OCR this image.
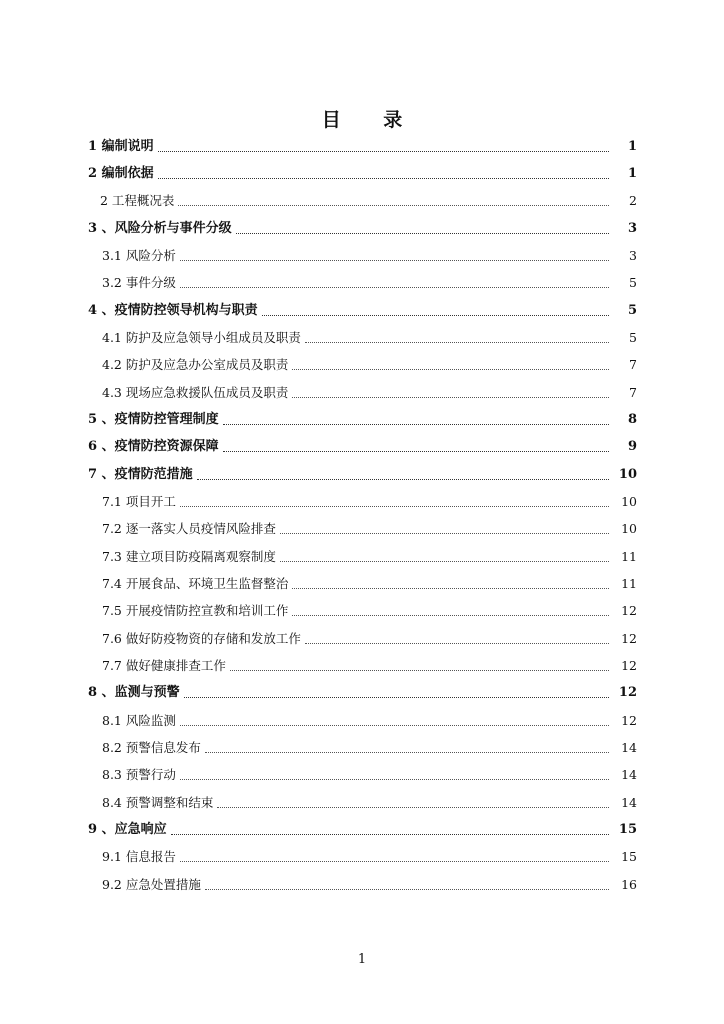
目 录
1 编制说明	1
2 编制依据	1
2 工程概况表	2
3 、风险分析与事件分级	3
3.1 风险分析	3
3.2 事件分级	5
4 、疫情防控领导机构与职责	5
4.1 防护及应急领导小组成员及职责	5
4.2 防护及应急办公室成员及职责	7
4.3 现场应急救援队伍成员及职责	7
5 、疫情防控管理制度	8
6 、疫情防控资源保障	9
7 、疫情防范措施	10
7.1 项目开工	10
7.2 逐一落实人员疫情风险排查	10
7.3 建立项目防疫隔离观察制度	11
7.4 开展食品、环境卫生监督整治	11
7.5 开展疫情防控宣教和培训工作	12
7.6 做好防疫物资的存储和发放工作	12
7.7 做好健康排查工作	12
8 、监测与预警	12
8.1 风险监测	12
8.2 预警信息发布	14
8.3 预警行动	14
8.4 预警调整和结束	14
9 、应急响应	15
9.1 信息报告	15
9.2 应急处置措施	16
1
